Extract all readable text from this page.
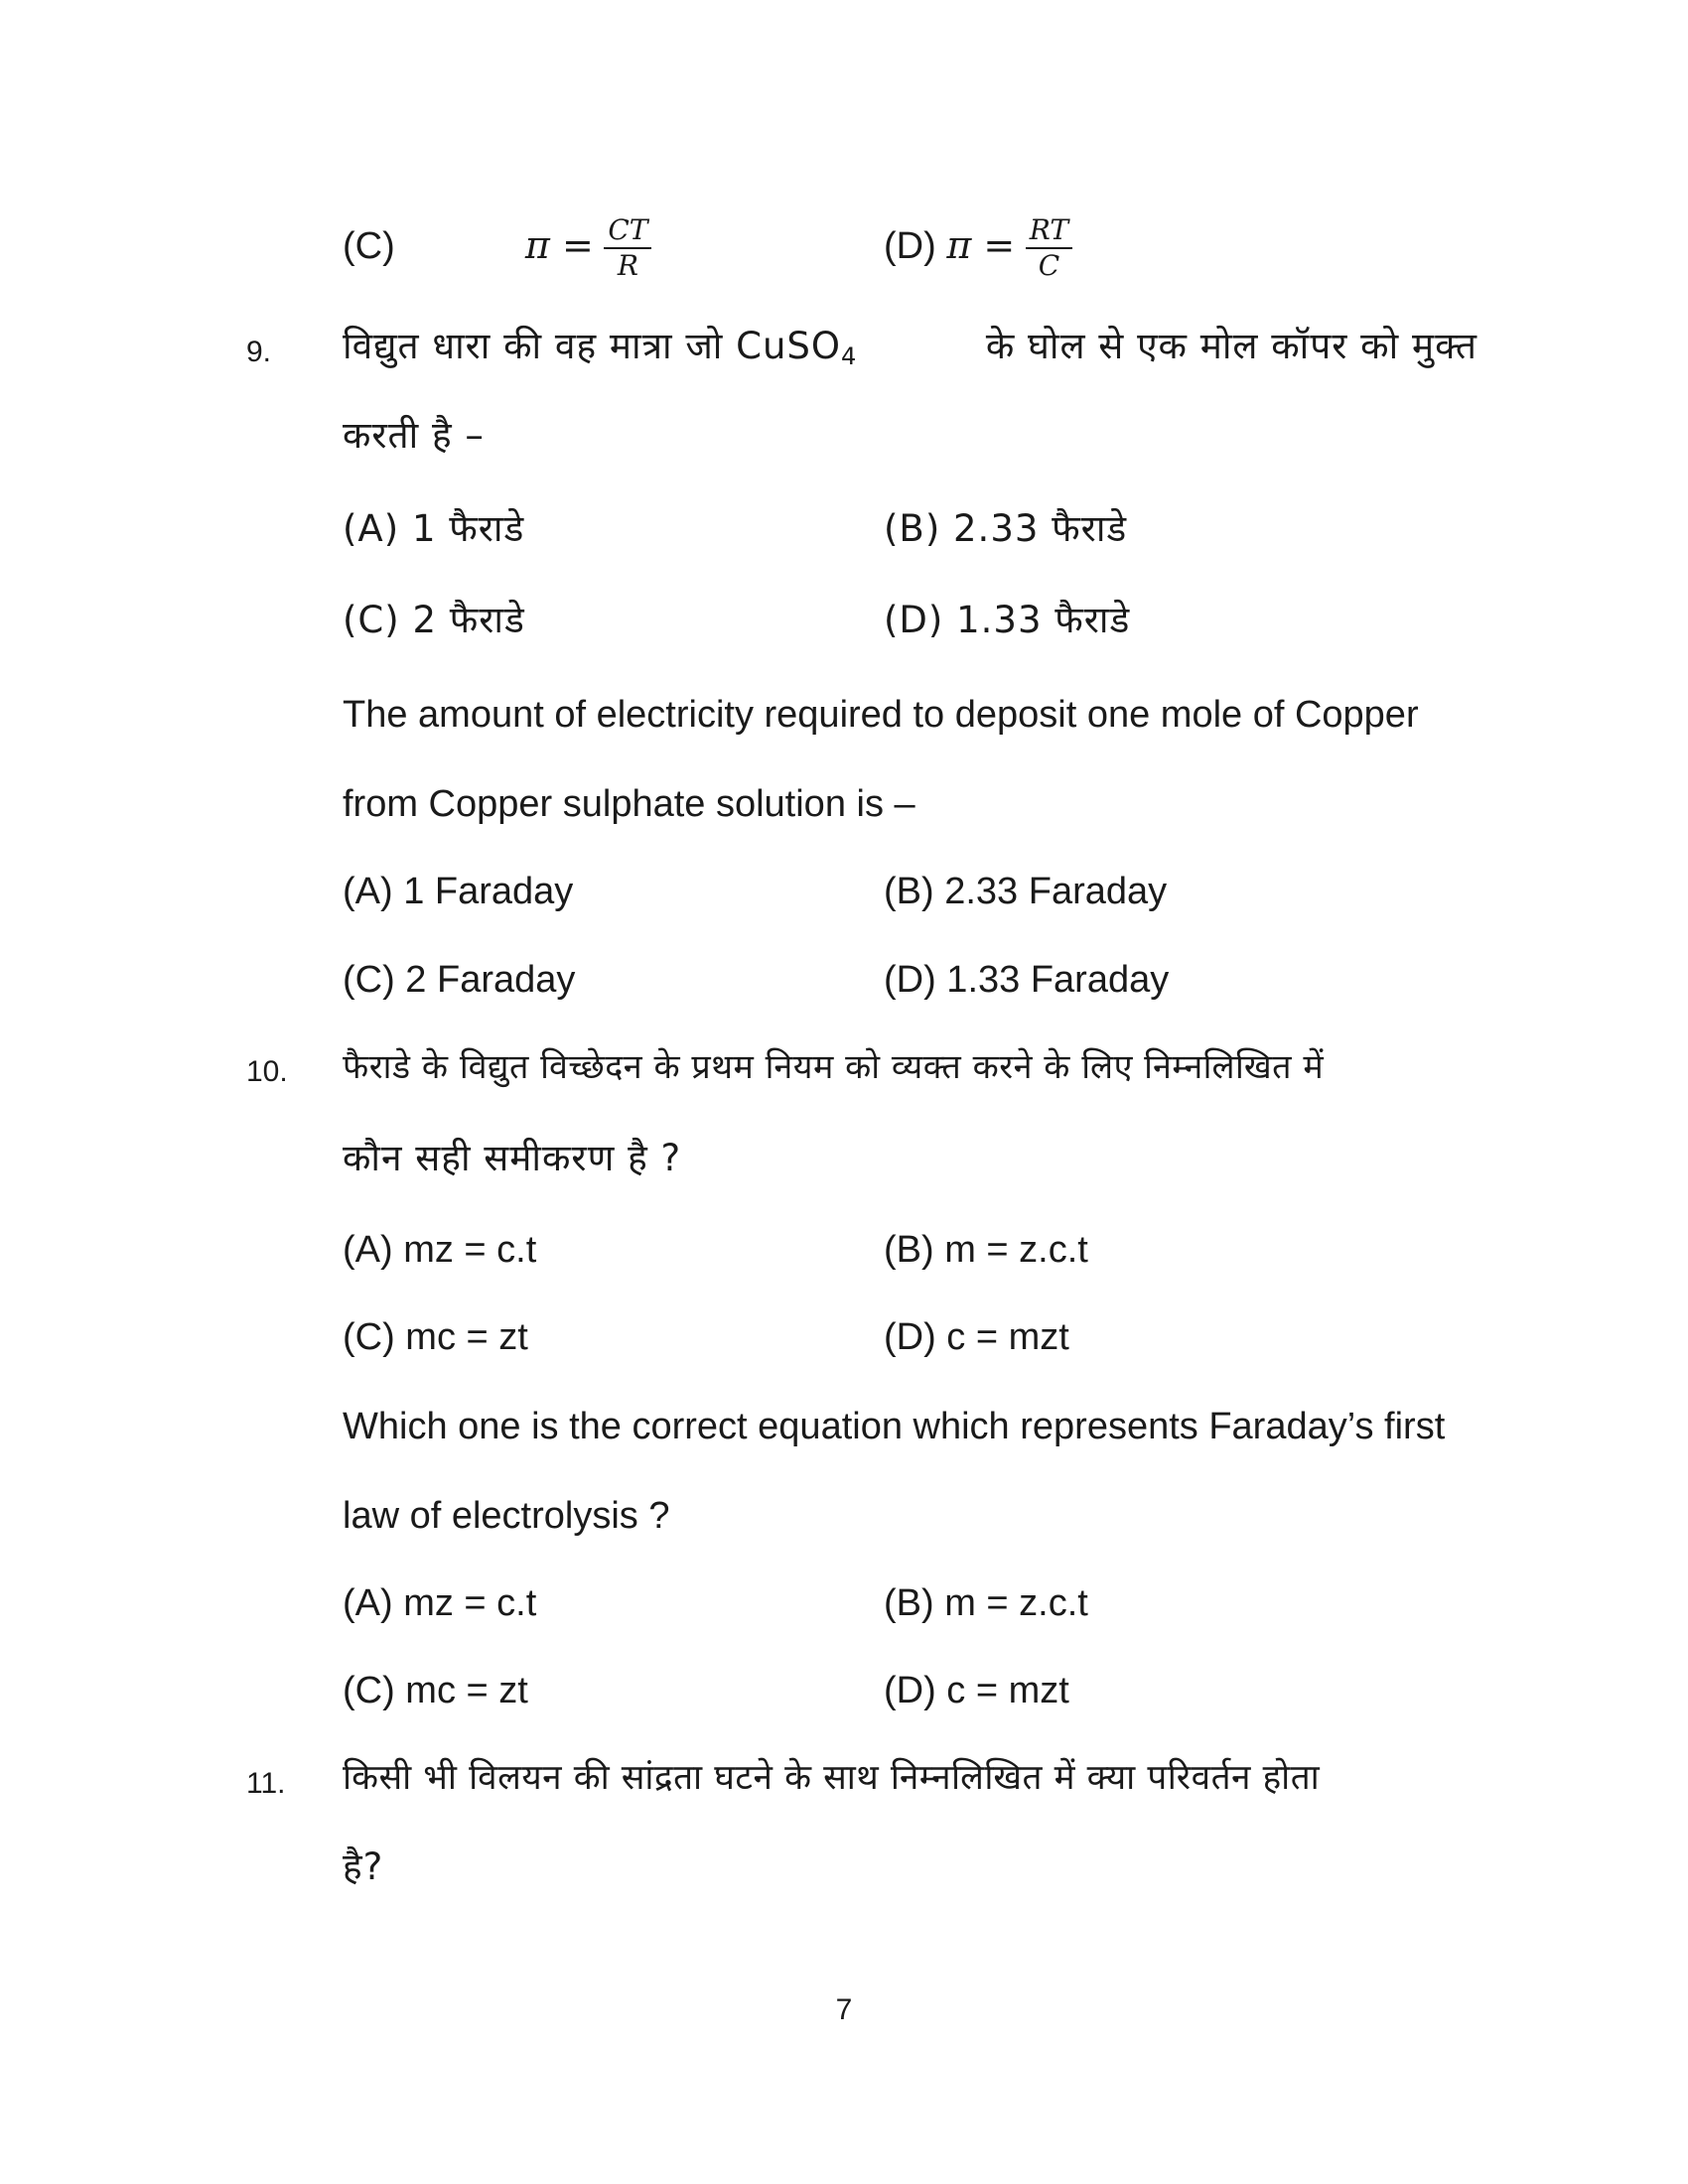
(C)	$\pi = \frac{CT}{R}$	(D) $\pi = \frac{RT}{C}$
9. विद्युत धारा की वह मात्रा जो CuSO$_4$	के घोल से एक मोल कॉपर को मुक्त
करती है –
(A) 1 फैराडे	(B) 2.33 फैराडे
(C) 2 फैराडे	(D) 1.33 फैराडे
The amount of electricity required to deposit one mole of Copper
from Copper sulphate solution is –
(A) 1 Faraday	(B) 2.33 Faraday
(C) 2 Faraday	(D) 1.33 Faraday
10. फैराडे के विद्युत विच्छेदन के प्रथम नियम को व्यक्त करने के लिए निम्नलिखित में
कौन सही समीकरण है ?
(A) mz = c.t	(B) m = z.c.t
(C) mc = zt	(D) c = mzt
Which one is the correct equation which represents Faraday’s first
law of electrolysis ?
(A) mz = c.t	(B) m = z.c.t
(C) mc = zt	(D) c = mzt
11. किसी भी विलयन की सांद्रता घटने के साथ निम्नलिखित में क्या परिवर्तन होता
है?
7
